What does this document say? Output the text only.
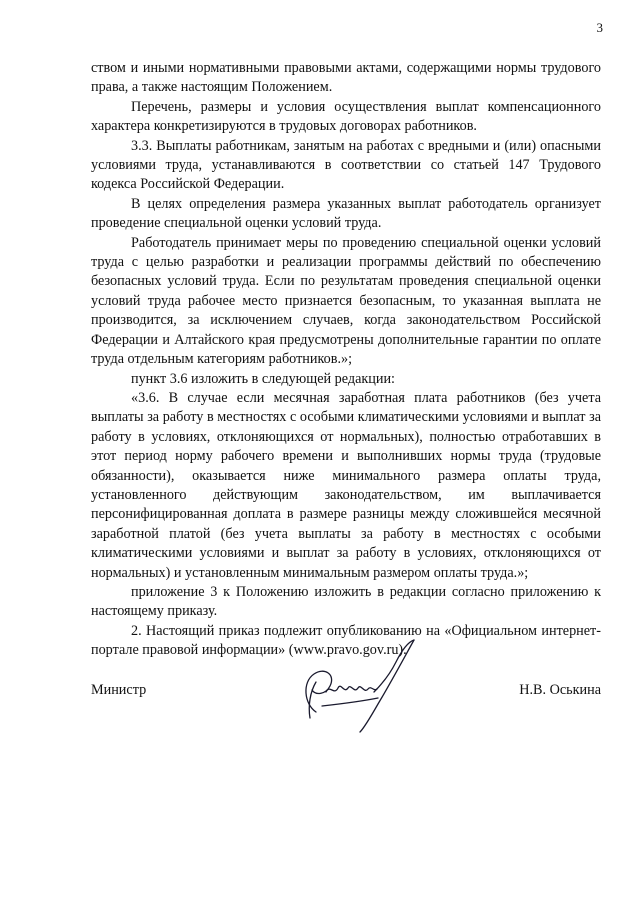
3

ством и иными нормативными правовыми актами, содержащими нормы трудового права, а также настоящим Положением.

Перечень, размеры и условия осуществления выплат компенсационного характера конкретизируются в трудовых договорах работников.

3.3. Выплаты работникам, занятым на работах с вредными и (или) опасными условиями труда, устанавливаются в соответствии со статьей 147 Трудового кодекса Российской Федерации.

В целях определения размера указанных выплат работодатель организует проведение специальной оценки условий труда.

Работодатель принимает меры по проведению специальной оценки условий труда с целью разработки и реализации программы действий по обеспечению безопасных условий труда. Если по результатам проведения специальной оценки условий труда рабочее место признается безопасным, то указанная выплата не производится, за исключением случаев, когда законодательством Российской Федерации и Алтайского края предусмотрены дополнительные гарантии по оплате труда отдельным категориям работников.»;

пункт 3.6 изложить в следующей редакции:

«3.6. В случае если месячная заработная плата работников (без учета выплаты за работу в местностях с особыми климатическими условиями и выплат за работу в условиях, отклоняющихся от нормальных), полностью отработавших в этот период норму рабочего времени и выполнивших нормы труда (трудовые обязанности), оказывается ниже минимального размера оплаты труда, установленного действующим законодательством, им выплачивается персонифицированная доплата в размере разницы между сложившейся месячной заработной платой (без учета выплаты за работу в местностях с особыми климатическими условиями и выплат за работу в условиях, отклоняющихся от нормальных) и установленным минимальным размером оплаты труда.»;

приложение 3 к Положению изложить в редакции согласно приложению к настоящему приказу.

2. Настоящий приказ подлежит опубликованию на «Официальном интернет-портале правовой информации» (www.pravo.gov.ru).

Министр	Н.В. Оськина
